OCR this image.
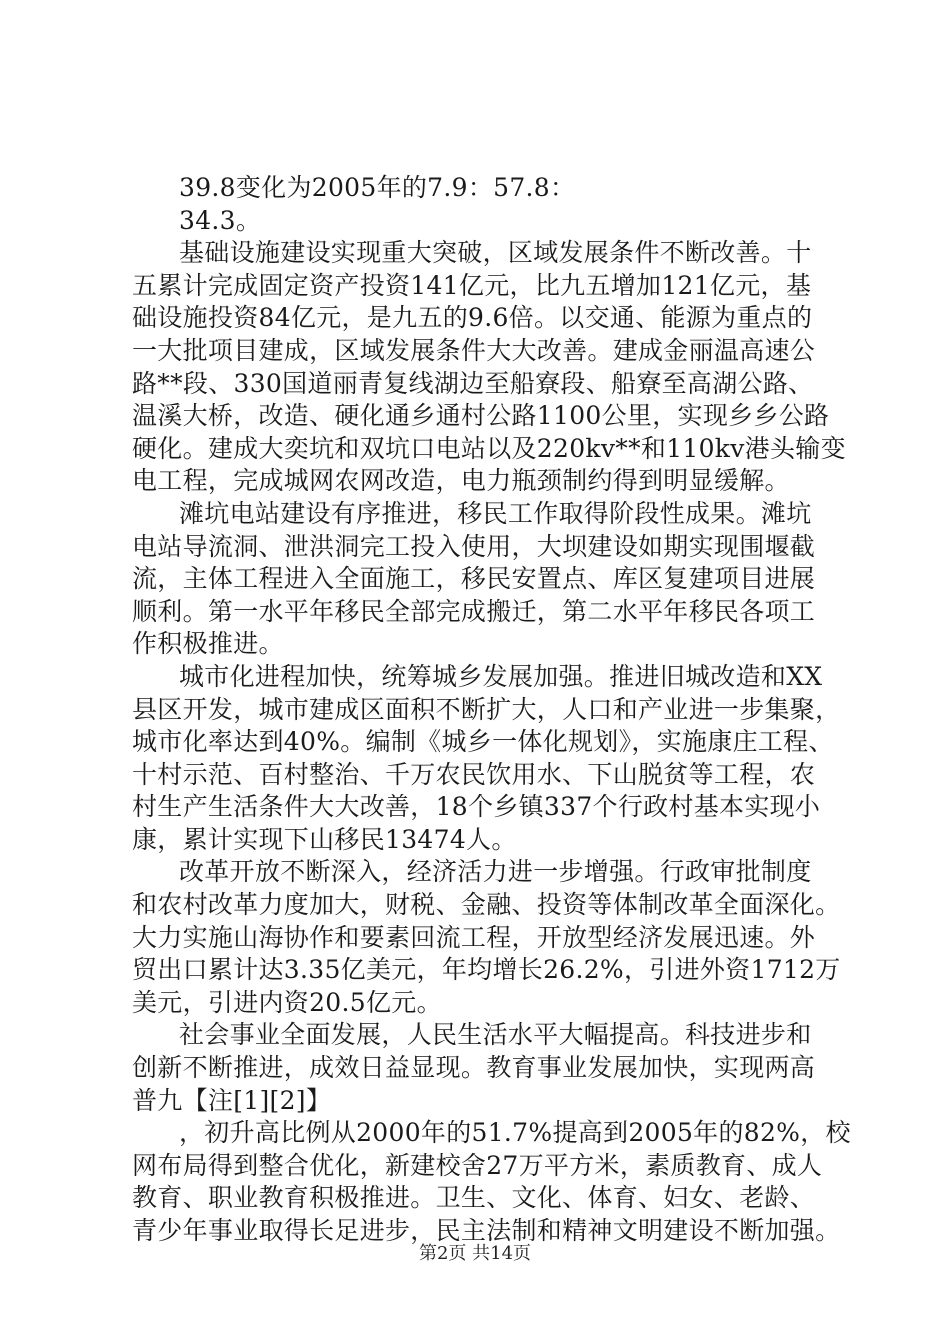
39.8变化为2005年的7.9：57.8：
34.3。
基础设施建设实现重大突破，区域发展条件不断改善。十
五累计完成固定资产投资141亿元，比九五增加121亿元，基
础设施投资84亿元，是九五的9.6倍。以交通、能源为重点的
一大批项目建成，区域发展条件大大改善。建成金丽温高速公
路**段、330国道丽青复线湖边至船寮段、船寮至高湖公路、
温溪大桥，改造、硬化通乡通村公路1100公里，实现乡乡公路
硬化。建成大奕坑和双坑口电站以及220kv**和110kv港头输变
电工程，完成城网农网改造，电力瓶颈制约得到明显缓解。
滩坑电站建设有序推进，移民工作取得阶段性成果。滩坑
电站导流洞、泄洪洞完工投入使用，大坝建设如期实现围堰截
流，主体工程进入全面施工，移民安置点、库区复建项目进展
顺利。第一水平年移民全部完成搬迁，第二水平年移民各项工
作积极推进。
城市化进程加快，统筹城乡发展加强。推进旧城改造和XX
县区开发，城市建成区面积不断扩大，人口和产业进一步集聚，
城市化率达到40%。编制《城乡一体化规划》，实施康庄工程、
十村示范、百村整治、千万农民饮用水、下山脱贫等工程，农
村生产生活条件大大改善，18个乡镇337个行政村基本实现小
康，累计实现下山移民13474人。
改革开放不断深入，经济活力进一步增强。行政审批制度
和农村改革力度加大，财税、金融、投资等体制改革全面深化。
大力实施山海协作和要素回流工程，开放型经济发展迅速。外
贸出口累计达3.35亿美元，年均增长26.2%，引进外资1712万
美元，引进内资20.5亿元。
社会事业全面发展，人民生活水平大幅提高。科技进步和
创新不断推进，成效日益显现。教育事业发展加快，实现两高
普九【注[1][2]】
，初升高比例从2000年的51.7%提高到2005年的82%，校
网布局得到整合优化，新建校舍27万平方米，素质教育、成人
教育、职业教育积极推进。卫生、文化、体育、妇女、老龄、
青少年事业取得长足进步，民主法制和精神文明建设不断加强。
第2页 共14页
